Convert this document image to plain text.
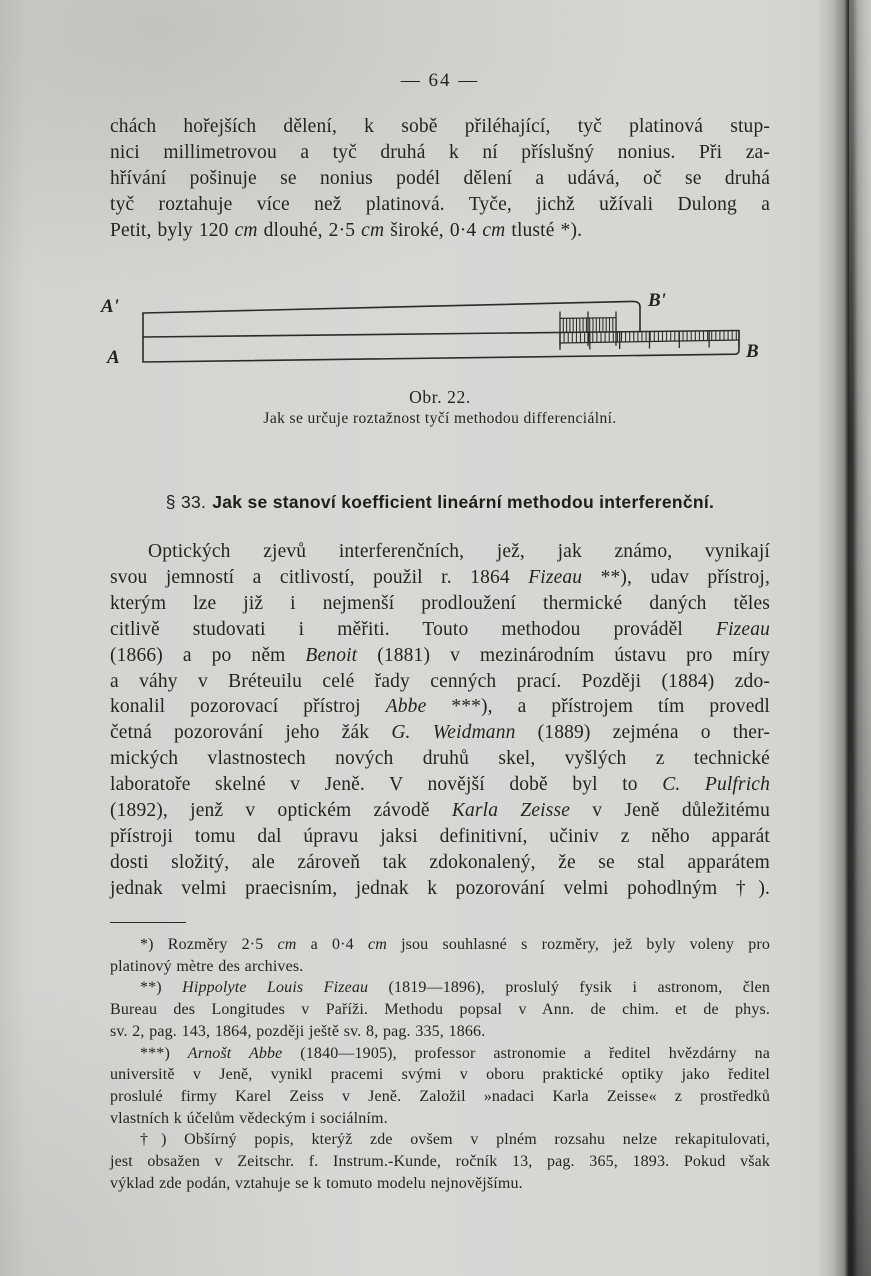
— 64 —
chách hořejších dělení, k sobě přiléhající, tyč platinová stup-
nici millimetrovou a tyč druhá k ní příslušný nonius. Při za-
hřívání pošinuje se nonius podél dělení a udává, oč se druhá
tyč roztahuje více než platinová. Tyče, jichž užívali Dulong a
Petit, byly 120 cm dlouhé, 2·5 cm široké, 0·4 cm tlusté *).
A'
A
B'
B
Obr. 22.
Jak se určuje roztažnost tyčí methodou differenciální.
§ 33. Jak se stanoví koefficient lineární methodou interferenční.
Optických zjevů interferenčních, jež, jak známo, vynikají
svou jemností a citlivostí, použil r. 1864 Fizeau **), udav přístroj,
kterým lze již i nejmenší prodloužení thermické daných těles
citlivě studovati i měřiti. Touto methodou prováděl Fizeau
(1866) a po něm Benoit (1881) v mezinárodním ústavu pro míry
a váhy v Bréteuilu celé řady cenných prací. Později (1884) zdo-
konalil pozorovací přístroj Abbe ***), a přístrojem tím provedl
četná pozorování jeho žák G. Weidmann (1889) zejména o ther-
mických vlastnostech nových druhů skel, vyšlých z technické
laboratoře skelné v Jeně. V novější době byl to C. Pulfrich
(1892), jenž v optickém závodě Karla Zeisse v Jeně důležitému
přístroji tomu dal úpravu jaksi definitivní, učiniv z něho apparát
dosti složitý, ale zároveň tak zdokonalený, že se stal apparátem
jednak velmi praecisním, jednak k pozorování velmi pohodlným †).
*) Rozměry 2·5 cm a 0·4 cm jsou souhlasné s rozměry, jež byly voleny pro
platinový mètre des archives.
**) Hippolyte Louis Fizeau (1819—1896), proslulý fysik i astronom, člen
Bureau des Longitudes v Paříži. Methodu popsal v Ann. de chim. et de phys.
sv. 2, pag. 143, 1864, později ještě sv. 8, pag. 335, 1866.
***) Arnošt Abbe (1840—1905), professor astronomie a ředitel hvězdárny na
universitě v Jeně, vynikl pracemi svými v oboru praktické optiky jako ředitel
proslulé firmy Karel Zeiss v Jeně. Založil »nadaci Karla Zeisse« z prostředků
vlastních k účelům vědeckým i sociálním.
†) Obšírný popis, kterýž zde ovšem v plném rozsahu nelze rekapitulovati,
jest obsažen v Zeitschr. f. Instrum.-Kunde, ročník 13, pag. 365, 1893. Pokud však
výklad zde podán, vztahuje se k tomuto modelu nejnovějšímu.
